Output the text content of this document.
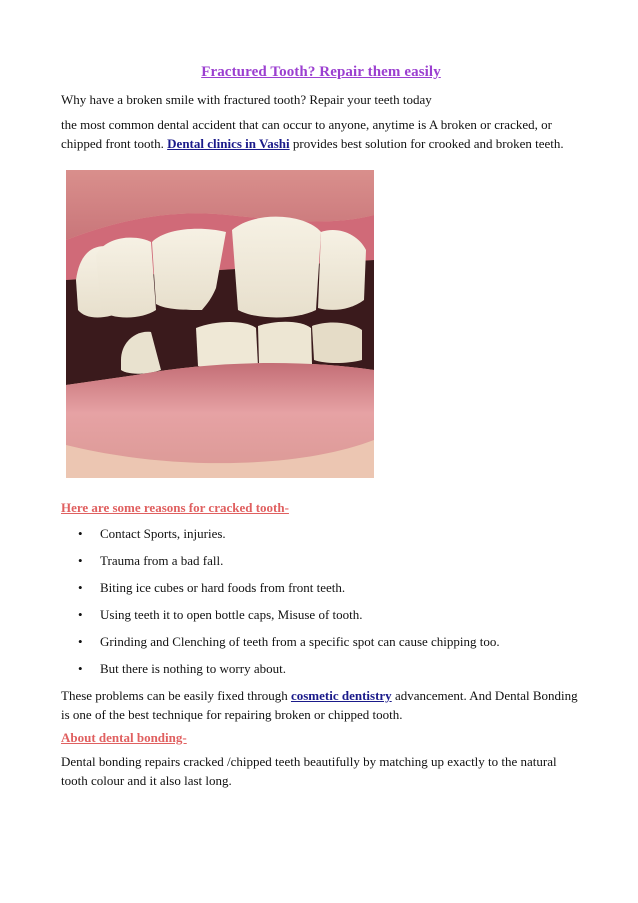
Fractured Tooth? Repair them easily

Why have a broken smile with fractured tooth? Repair your teeth today

the most common dental accident that can occur to anyone, anytime is A broken or cracked, or chipped front tooth. Dental clinics in Vashi provides best solution for crooked and broken teeth.

Here are some reasons for cracked tooth-
• Contact Sports, injuries.
• Trauma from a bad fall.
• Biting ice cubes or hard foods from front teeth.
• Using teeth it to open bottle caps, Misuse of tooth.
• Grinding and Clenching of teeth from a specific spot can cause chipping too.
• But there is nothing to worry about.

These problems can be easily fixed through cosmetic dentistry advancement. And Dental Bonding is one of the best technique for repairing broken or chipped tooth.

About dental bonding-

Dental bonding repairs cracked /chipped teeth beautifully by matching up exactly to the natural tooth colour and it also last long.
